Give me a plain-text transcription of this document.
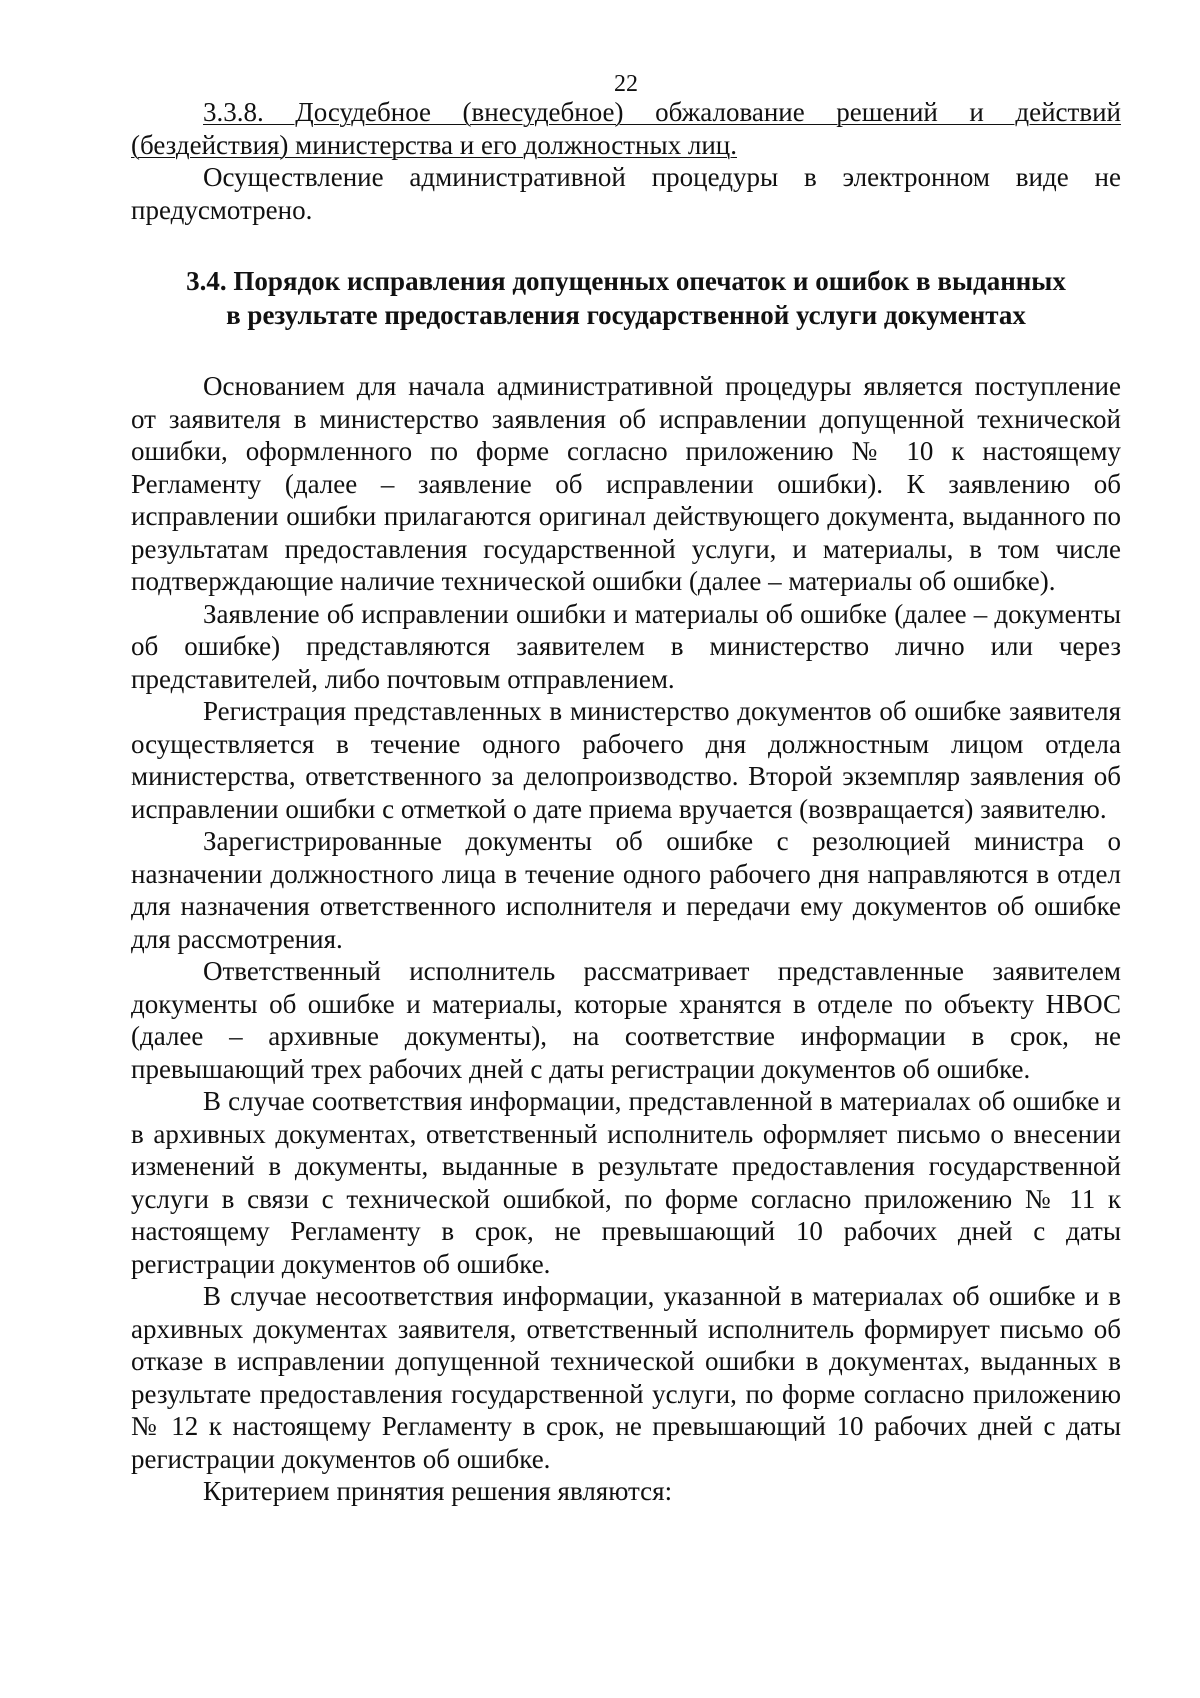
22

3.3.8. Досудебное (внесудебное) обжалование решений и действий (бездействия) министерства и его должностных лиц.

Осуществление административной процедуры в электронном виде не предусмотрено.

3.4. Порядок исправления допущенных опечаток и ошибок в выданных
в результате предоставления государственной услуги документах

Основанием для начала административной процедуры является поступление от заявителя в министерство заявления об исправлении допущенной технической ошибки, оформленного по форме согласно приложению № 10 к настоящему Регламенту (далее – заявление об исправлении ошибки). К заявлению об исправлении ошибки прилагаются оригинал действующего документа, выданного по результатам предоставления государственной услуги, и материалы, в том числе подтверждающие наличие технической ошибки (далее – материалы об ошибке).

Заявление об исправлении ошибки и материалы об ошибке (далее – документы об ошибке) представляются заявителем в министерство лично или через представителей, либо почтовым отправлением.

Регистрация представленных в министерство документов об ошибке заявителя осуществляется в течение одного рабочего дня должностным лицом отдела министерства, ответственного за делопроизводство. Второй экземпляр заявления об исправлении ошибки с отметкой о дате приема вручается (возвращается) заявителю.

Зарегистрированные документы об ошибке с резолюцией министра о назначении должностного лица в течение одного рабочего дня направляются в отдел для назначения ответственного исполнителя и передачи ему документов об ошибке для рассмотрения.

Ответственный исполнитель рассматривает представленные заявителем документы об ошибке и материалы, которые хранятся в отделе по объекту НВОС (далее – архивные документы), на соответствие информации в срок, не превышающий трех рабочих дней с даты регистрации документов об ошибке.

В случае соответствия информации, представленной в материалах об ошибке и в архивных документах, ответственный исполнитель оформляет письмо о внесении изменений в документы, выданные в результате предоставления государственной услуги в связи с технической ошибкой, по форме согласно приложению № 11 к настоящему Регламенту в срок, не превышающий 10 рабочих дней с даты регистрации документов об ошибке.

В случае несоответствия информации, указанной в материалах об ошибке и в архивных документах заявителя, ответственный исполнитель формирует письмо об отказе в исправлении допущенной технической ошибки в документах, выданных в результате предоставления государственной услуги, по форме согласно приложению № 12 к настоящему Регламенту в срок, не превышающий 10 рабочих дней с даты регистрации документов об ошибке.

Критерием принятия решения являются:
